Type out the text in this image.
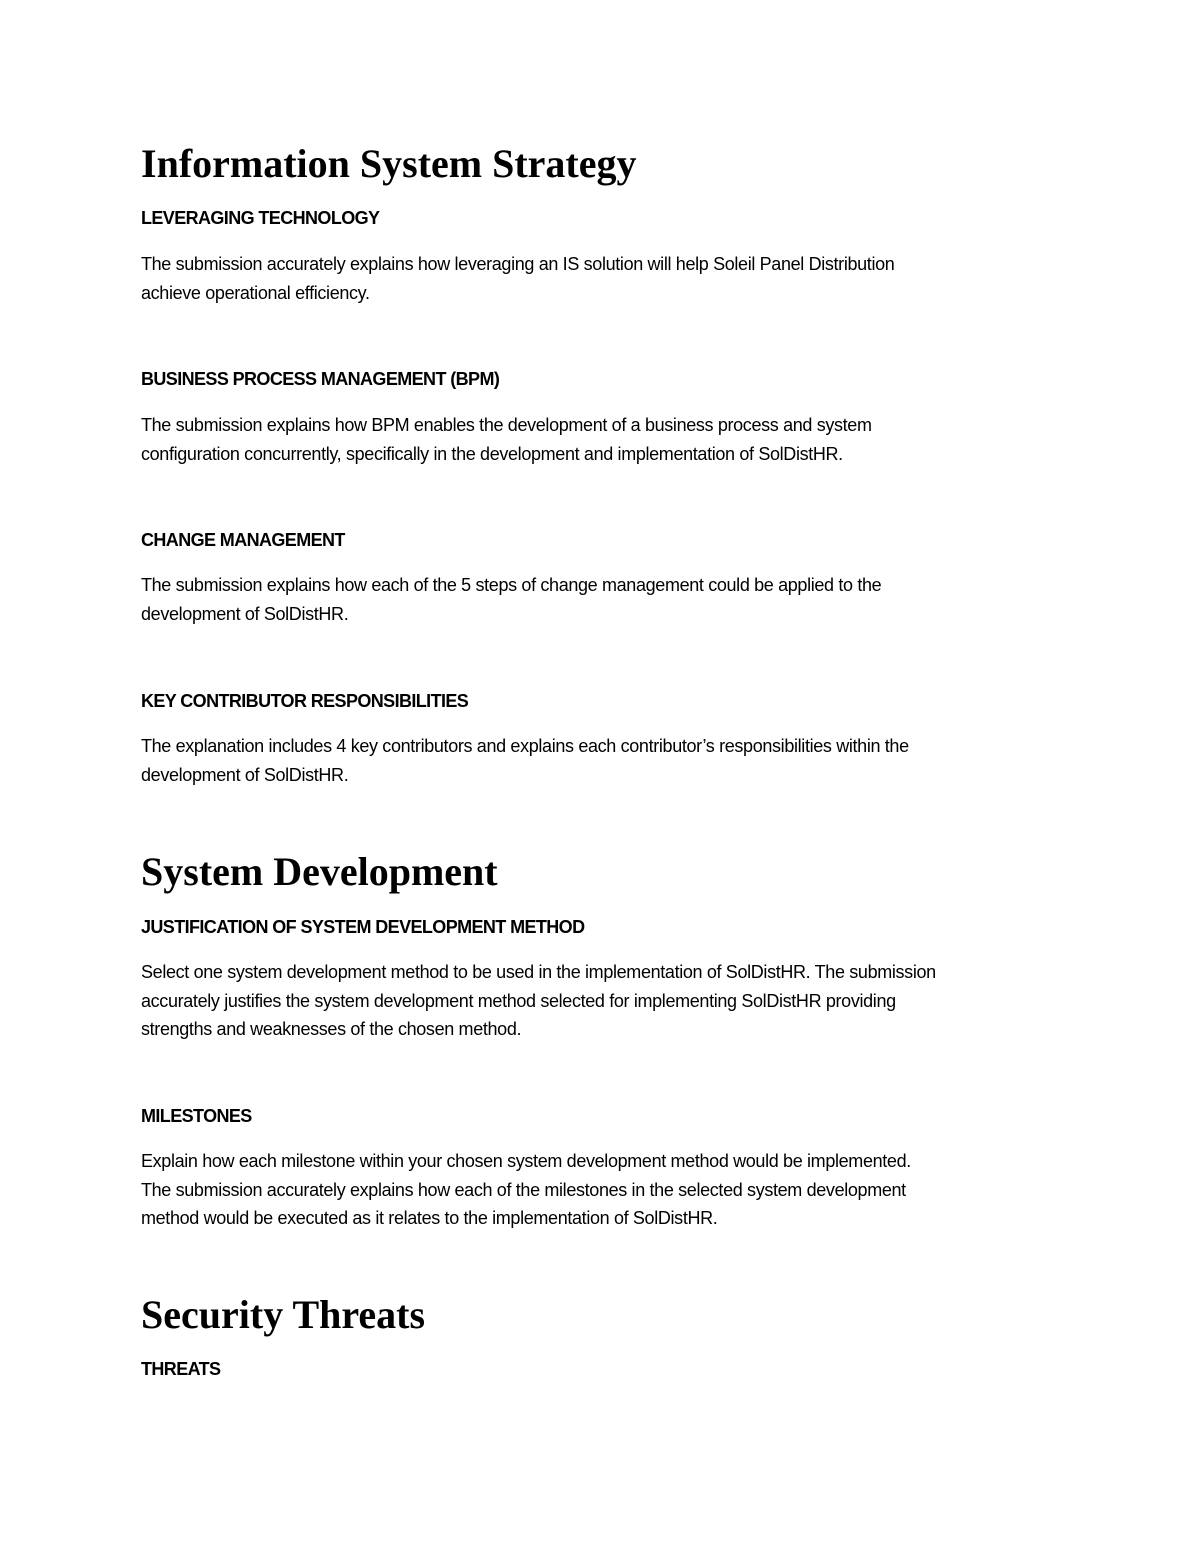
Information System Strategy
LEVERAGING TECHNOLOGY

The submission accurately explains how leveraging an IS solution will help Soleil Panel Distribution
achieve operational efficiency.

BUSINESS PROCESS MANAGEMENT (BPM)

The submission explains how BPM enables the development of a business process and system
configuration concurrently, specifically in the development and implementation of SolDistHR.

CHANGE MANAGEMENT

The submission explains how each of the 5 steps of change management could be applied to the
development of SolDistHR.

KEY CONTRIBUTOR RESPONSIBILITIES

The explanation includes 4 key contributors and explains each contributor’s responsibilities within the
development of SolDistHR.

System Development
JUSTIFICATION OF SYSTEM DEVELOPMENT METHOD

Select one system development method to be used in the implementation of SolDistHR. The submission
accurately justifies the system development method selected for implementing SolDistHR providing
strengths and weaknesses of the chosen method.

MILESTONES

Explain how each milestone within your chosen system development method would be implemented.
The submission accurately explains how each of the milestones in the selected system development
method would be executed as it relates to the implementation of SolDistHR.

Security Threats
THREATS
